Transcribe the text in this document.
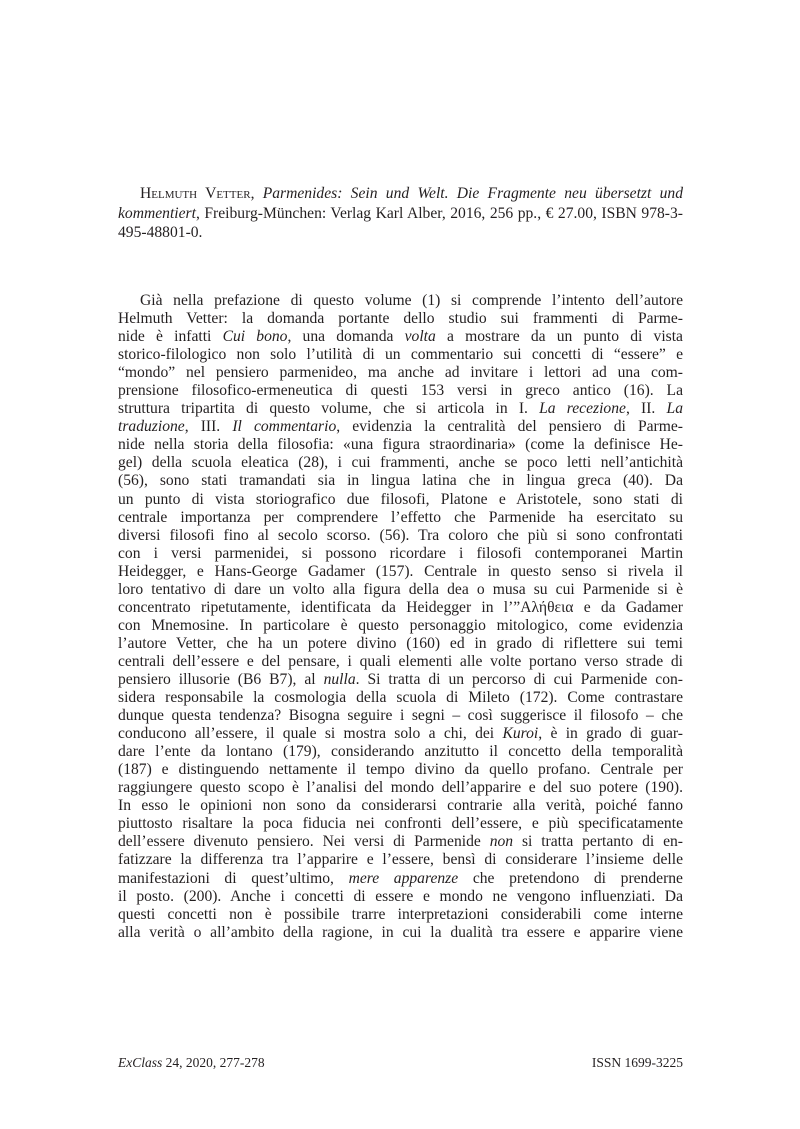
Helmuth Vetter, Parmenides: Sein und Welt. Die Fragmente neu übersetzt und kommentiert, Freiburg-München: Verlag Karl Alber, 2016, 256 pp., € 27.00, ISBN 978-3-495-48801-0.

Già nella prefazione di questo volume (1) si comprende l’intento dell’autore
Helmuth Vetter: la domanda portante dello studio sui frammenti di Parme-
nide è infatti Cui bono, una domanda volta a mostrare da un punto di vista
storico-filologico non solo l’utilità di un commentario sui concetti di “essere” e
“mondo” nel pensiero parmenideo, ma anche ad invitare i lettori ad una com-
prensione filosofico-ermeneutica di questi 153 versi in greco antico (16). La
struttura tripartita di questo volume, che si articola in I. La recezione, II. La
traduzione, III. Il commentario, evidenzia la centralità del pensiero di Parme-
nide nella storia della filosofia: «una figura straordinaria» (come la definisce He-
gel) della scuola eleatica (28), i cui frammenti, anche se poco letti nell’antichità
(56), sono stati tramandati sia in lingua latina che in lingua greca (40). Da
un punto di vista storiografico due filosofi, Platone e Aristotele, sono stati di
centrale importanza per comprendere l’effetto che Parmenide ha esercitato su
diversi filosofi fino al secolo scorso. (56). Tra coloro che più si sono confrontati
con i versi parmenidei, si possono ricordare i filosofi contemporanei Martin
Heidegger, e Hans-George Gadamer (157). Centrale in questo senso si rivela il
loro tentativo di dare un volto alla figura della dea o musa su cui Parmenide si è
concentrato ripetutamente, identificata da Heidegger in l’”Αλήθεια e da Gadamer
con Mnemosine. In particolare è questo personaggio mitologico, come evidenzia
l’autore Vetter, che ha un potere divino (160) ed in grado di riflettere sui temi
centrali dell’essere e del pensare, i quali elementi alle volte portano verso strade di
pensiero illusorie (B6 B7), al nulla. Si tratta di un percorso di cui Parmenide con-
sidera responsabile la cosmologia della scuola di Mileto (172). Come contrastare
dunque questa tendenza? Bisogna seguire i segni – così suggerisce il filosofo – che
conducono all’essere, il quale si mostra solo a chi, dei Kuroi, è in grado di guar-
dare l’ente da lontano (179), considerando anzitutto il concetto della temporalità
(187) e distinguendo nettamente il tempo divino da quello profano. Centrale per
raggiungere questo scopo è l’analisi del mondo dell’apparire e del suo potere (190).
In esso le opinioni non sono da considerarsi contrarie alla verità, poiché fanno
piuttosto risaltare la poca fiducia nei confronti dell’essere, e più specificatamente
dell’essere divenuto pensiero. Nei versi di Parmenide non si tratta pertanto di en-
fatizzare la differenza tra l’apparire e l’essere, bensì di considerare l’insieme delle
manifestazioni di quest’ultimo, mere apparenze che pretendono di prenderne
il posto. (200). Anche i concetti di essere e mondo ne vengono influenziati. Da
questi concetti non è possibile trarre interpretazioni considerabili come interne
alla verità o all’ambito della ragione, in cui la dualità tra essere e apparire viene
ExClass 24, 2020, 277-278	ISSN 1699-3225
